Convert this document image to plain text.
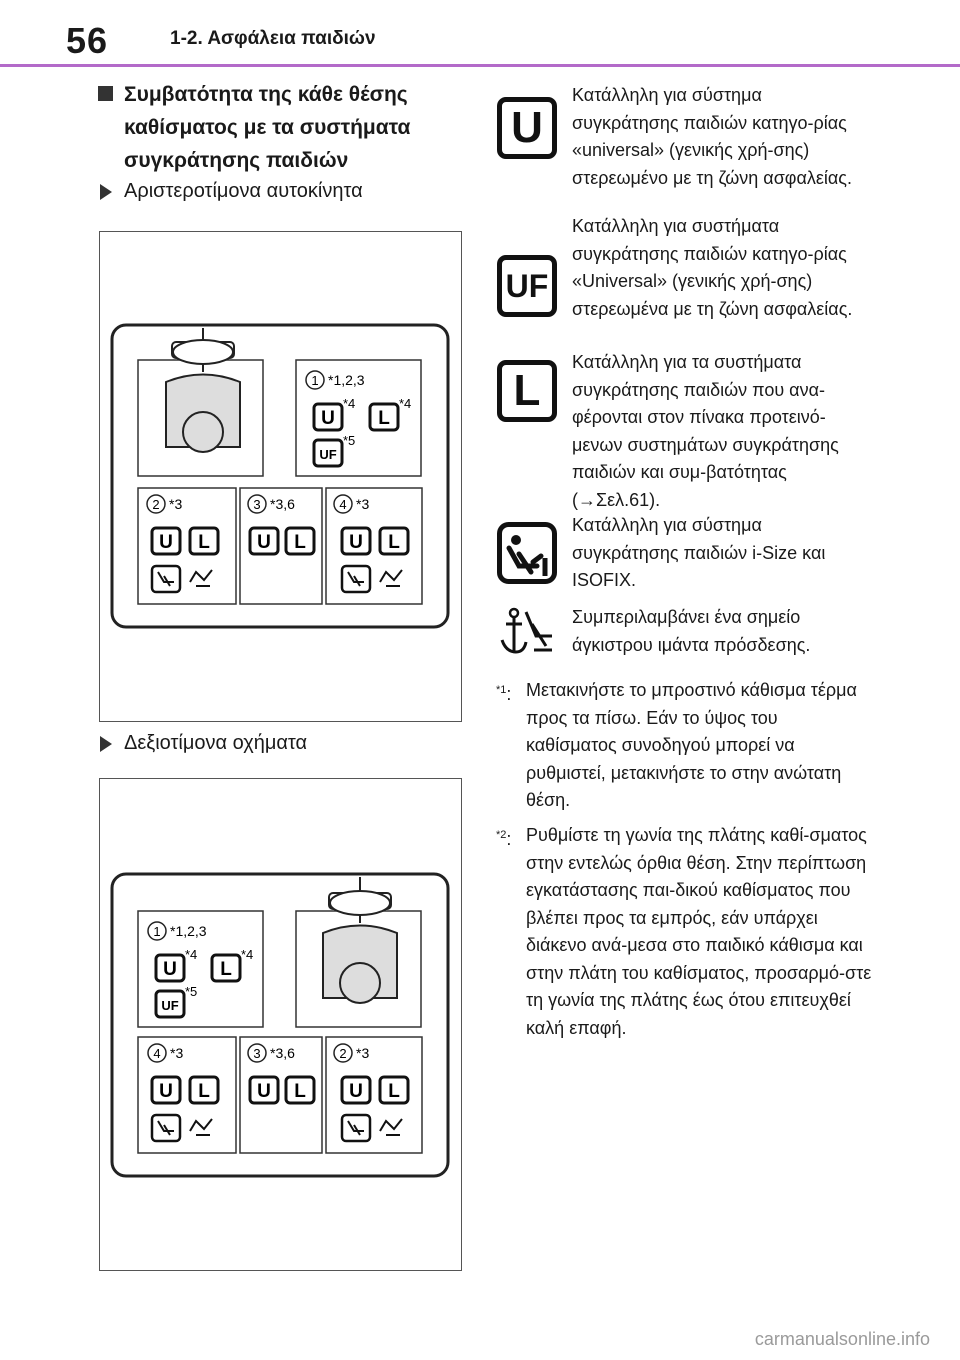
56	1-2. Ασφάλεια παιδιών
Συμβατότητα της κάθε θέσης καθίσματος με τα συστήματα συγκράτησης παιδιών
Αριστεροτίμονα αυτοκίνητα
1 *1,2,3
U
*4
L
*4
UF
*5
2 *3
U L
3 *3,6
U L
4 *3
U L
Δεξιοτίμονα οχήματα
1 *1,2,3
U
*4
L
*4
UF
*5
4 *3
U L
3 *3,6
U L
2 *3
U L
U
Κατάλληλη για σύστημα συγκράτησης παιδιών κατηγο-ρίας «universal» (γενικής χρή-σης) στερεωμένο με τη ζώνη ασφαλείας.
UF
Κατάλληλη για συστήματα συγκράτησης παιδιών κατηγο-ρίας «Universal» (γενικής χρή-σης) στερεωμένα με τη ζώνη ασφαλείας.
L
Κατάλληλη για τα συστήματα συγκράτησης παιδιών που ανα-φέρονται στον πίνακα προτεινό-μενων συστημάτων συγκράτησης παιδιών και συμ-βατότητας (→Σελ.61).
Κατάλληλη για σύστημα συγκράτησης παιδιών i-Size και ISOFIX.
Συμπεριλαμβάνει ένα σημείο άγκιστρου ιμάντα πρόσδεσης.
$^{*1}$: Μετακινήστε το μπροστινό κάθισμα τέρμα προς τα πίσω. Εάν το ύψος του καθίσματος συνοδηγού μπορεί να ρυθμιστεί, μετακινήστε το στην ανώτατη θέση.
$^{*2}$: Ρυθμίστε τη γωνία της πλάτης καθί-σματος στην εντελώς όρθια θέση. Στην περίπτωση εγκατάστασης παι-δικού καθίσματος που βλέπει προς τα εμπρός, εάν υπάρχει διάκενο ανά-μεσα στο παιδικό κάθισμα και στην πλάτη του καθίσματος, προσαρμό-στε τη γωνία της πλάτης έως ότου επιτευχθεί καλή επαφή.
carmanualsonline.info
